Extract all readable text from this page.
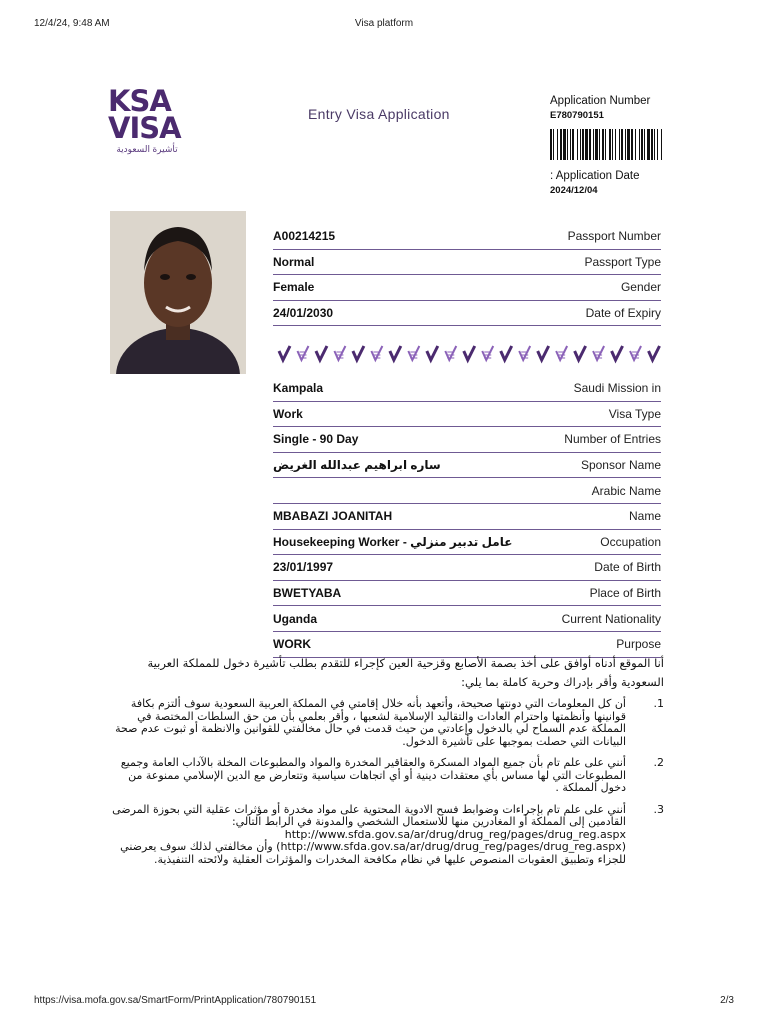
12/4/24, 9:48 AM	Visa platform
KSA
VISA
تأشيرة السعودية
Entry Visa Application
Application Number
E780790151
: Application Date
2024/12/04
A00214215	Passport Number
Normal	Passport Type
Female	Gender
24/01/2030	Date of Expiry
Kampala	Saudi Mission in
Work	Visa Type
Single - 90 Day	Number of Entries
ساره ابراهيم عبدالله الغريض	Sponsor Name
Arabic Name
MBABAZI JOANITAH	Name
Housekeeping Worker - عامل تدبير منزلي	Occupation
23/01/1997	Date of Birth
BWETYABA	Place of Birth
Uganda	Current Nationality
WORK	Purpose
أنا الموقع أدناه أوافق على أخذ بصمة الأصابع وقزحية العين كإجراء للتقدم بطلب تأشيرة دخول للمملكة العربية السعودية وأقر بإدراك وحرية كاملة بما يلي:
1.
أن كل المعلومات التي دونتها صحيحة، وأتعهد بأنه خلال إقامتي في المملكة العربية السعودية سوف ألتزم بكافة قوانينها وأنظمتها واحترام العادات والتقاليد الإسلامية لشعبها ، وأقر بعلمي بأن من حق السلطات المختصة في المملكة عدم السماح لي بالدخول وإعادتي من حيث قدمت في حال مخالفتي للقوانين والانظمة أو ثبوت عدم صحة البيانات التي حصلت بموجبها على تأشيرة الدخول.
2.
أنني على علم تام بأن جميع المواد المسكرة والعقاقير المخدرة والمواد والمطبوعات المخلة بالآداب العامة وجميع المطبوعات التي لها مساس بأي معتقدات دينية أو أي اتجاهات سياسية وتتعارض مع الدين الإسلامي ممنوعة من دخول المملكة .
3.
أنني على علم تام بإجراءات وضوابط فسح الادوية المحتوية على مواد مخدرة أو مؤثرات عقلية التي بحوزة المرضى القادمين إلى المملكة أو المغادرين منها للاستعمال الشخصي والمدونة في الرابط التالي: http://www.sfda.gov.sa/ar/drug/drug_reg/pages/drug_reg.aspx (http://www.sfda.gov.sa/ar/drug/drug_reg/pages/drug_reg.aspx) وأن مخالفتي لذلك سوف يعرضني للجزاء وتطبيق العقوبات المنصوص عليها في نظام مكافحة المخدرات والمؤثرات العقلية ولائحته التنفيذية.
https://visa.mofa.gov.sa/SmartForm/PrintApplication/780790151	2/3
